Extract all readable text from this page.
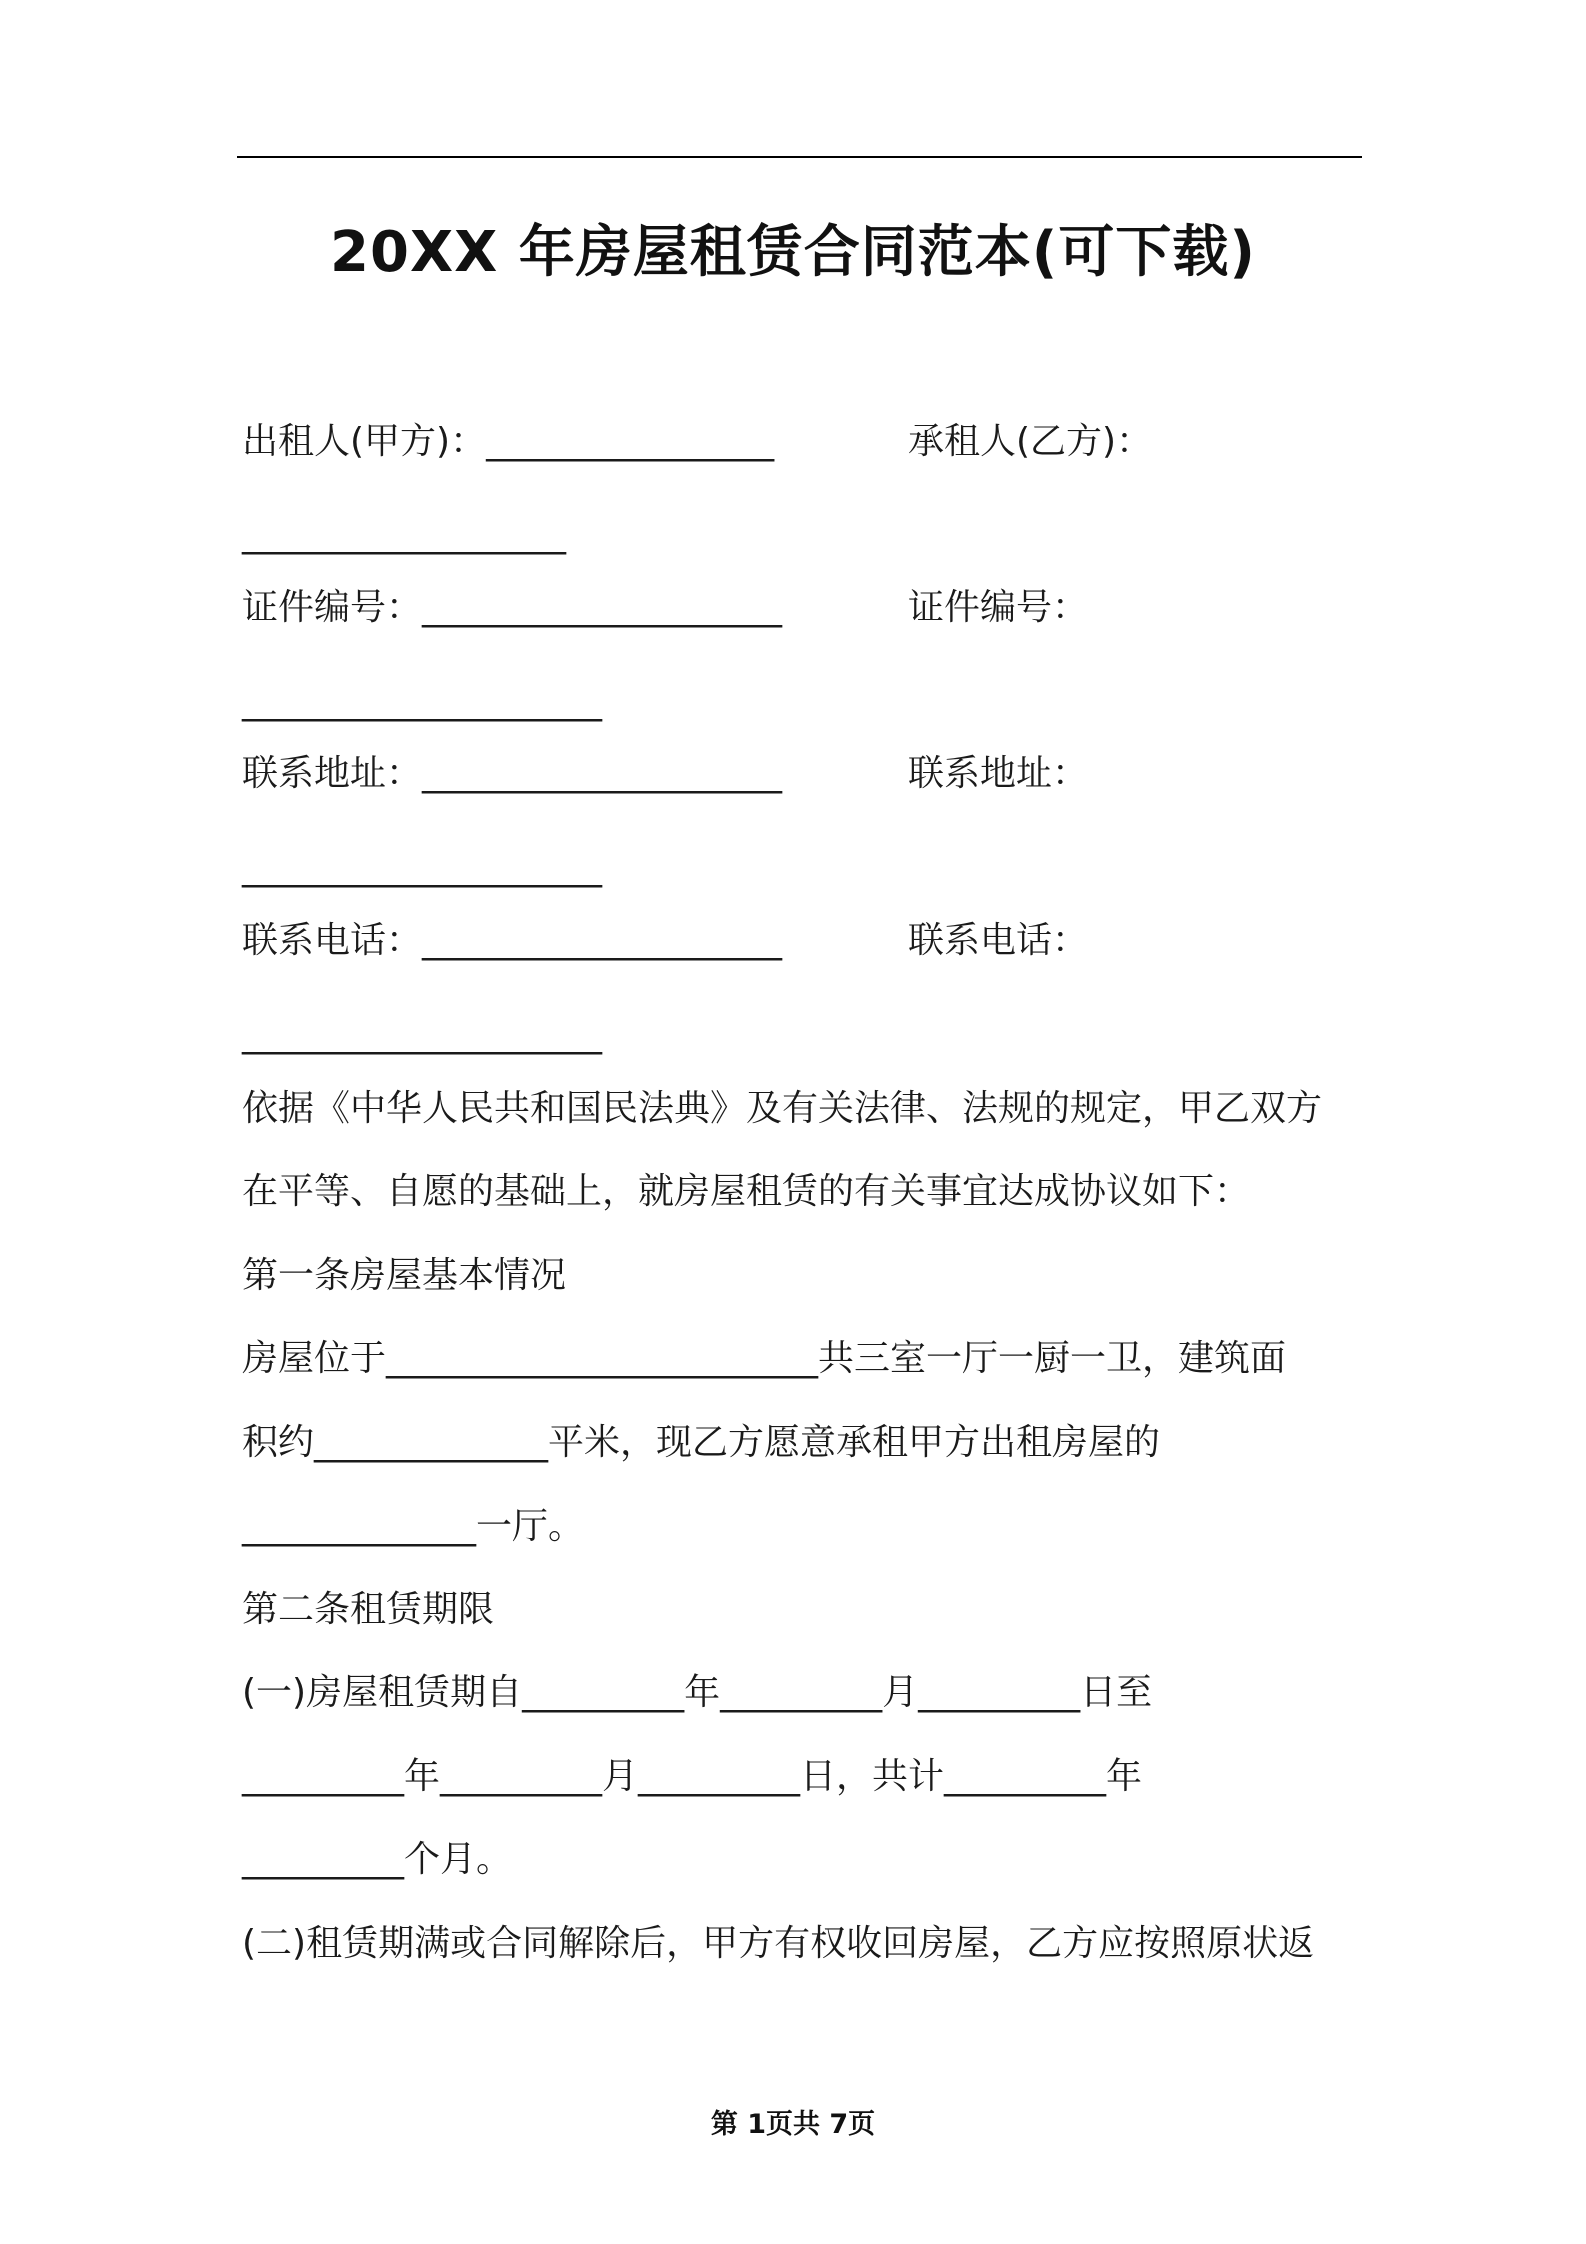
20XX 年房屋租赁合同范本(可下载)
出租人(甲方)：________________	承租人(乙方)：
__________________
证件编号：____________________	证件编号：
____________________
联系地址：____________________	联系地址：
____________________
联系电话：____________________	联系电话：
____________________
依据《中华人民共和国民法典》及有关法律、法规的规定，甲乙双方
在平等、自愿的基础上，就房屋租赁的有关事宜达成协议如下：
第一条房屋基本情况
房屋位于________________________共三室一厅一厨一卫，建筑面
积约_____________平米，现乙方愿意承租甲方出租房屋的
_____________一厅。
第二条租赁期限
(一)房屋租赁期自_________年_________月_________日至
_________年_________月_________日，共计_________年
_________个月。
(二)租赁期满或合同解除后，甲方有权收回房屋，乙方应按照原状返
第 1页共 7页
